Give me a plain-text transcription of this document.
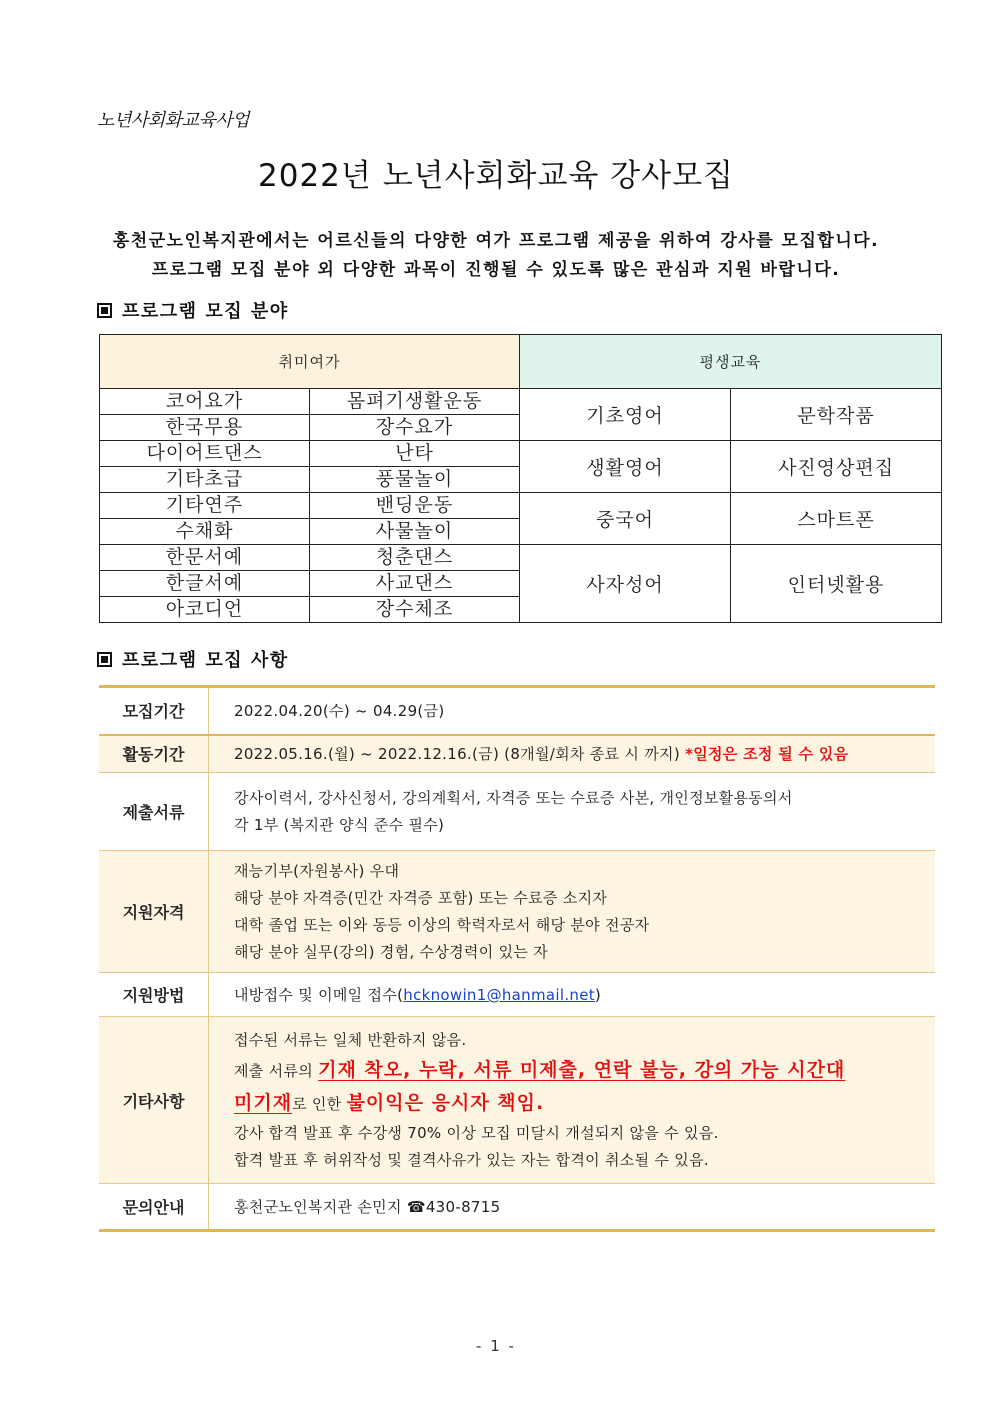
노년사회화교육사업
2022년 노년사회화교육 강사모집
홍천군노인복지관에서는 어르신들의 다양한 여가 프로그램 제공을 위하여 강사를 모집합니다.
프로그램 모집 분야 외 다양한 과목이 진행될 수 있도록 많은 관심과 지원 바랍니다.
프로그램 모집 분야
취미여가		평생교육	
코어요가	몸펴기생활운동	기초영어	문학작품
한국무용	장수요가		
다이어트댄스	난타	생활영어	사진영상편집
기타초급	풍물놀이		
기타연주	밴딩운동	중국어	스마트폰
수채화	사물놀이		
한문서예	청춘댄스	사자성어	인터넷활용
한글서예	사교댄스		
아코디언	장수체조		
프로그램 모집 사항
모집기간	2022.04.20(수) ~ 04.29(금)
활동기간	2022.05.16.(월) ~ 2022.12.16.(금) (8개월/회차 종료 시 까지) *일정은 조정 될 수 있음
제출서류	강사이력서, 강사신청서, 강의계획서, 자격증 또는 수료증 사본, 개인정보활용동의서
각 1부 (복지관 양식 준수 필수)

지원자격	재능기부(자원봉사) 우대
해당 분야 자격증(민간 자격증 포함) 또는 수료증 소지자
대학 졸업 또는 이와 동등 이상의 학력자로서 해당 분야 전공자
해당 분야 실무(강의) 경험, 수상경력이 있는 자

지원방법	내방접수 및 이메일 접수(hcknowin1@hanmail.net)
기타사항	접수된 서류는 일체 반환하지 않음.
제출 서류의 기재 착오, 누락, 서류 미제출, 연락 불능, 강의 가능 시간대
미기재로 인한 불이익은 응시자 책임.
강사 합격 발표 후 수강생 70% 이상 모집 미달시 개설되지 않을 수 있음.
합격 발표 후 허위작성 및 결격사유가 있는 자는 합격이 취소될 수 있음.

문의안내	홍천군노인복지관 손민지 ☎430-8715
- 1 -
